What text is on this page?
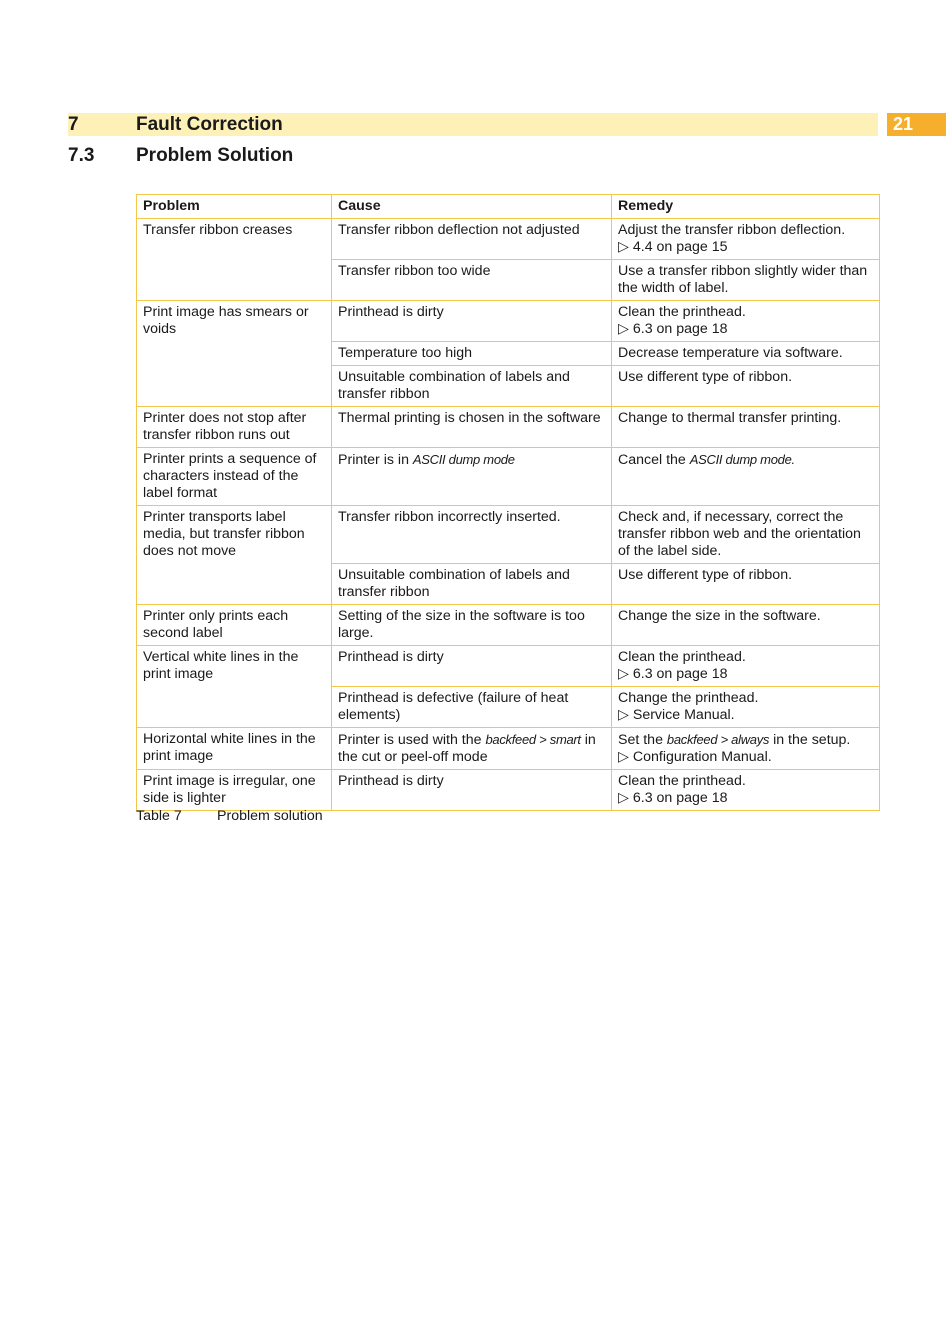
7	Fault Correction	21
7.3 Problem Solution
Problem	Cause	Remedy
Transfer ribbon creases	Transfer ribbon deflection not adjusted	Adjust the transfer ribbon deflection.
▷ 4.4 on page 15

	Transfer ribbon too wide	Use a transfer ribbon slightly wider than the width of label.
Print image has smears or voids	Printhead is dirty	Clean the printhead.
▷ 6.3 on page 18

	Temperature too high	Decrease temperature via software.
	Unsuitable combination of labels and transfer ribbon	Use different type of ribbon.
Printer does not stop after transfer ribbon runs out	Thermal printing is chosen in the software	Change to thermal transfer printing.
Printer prints a sequence of characters instead of the label format	Printer is in ASCII dump mode	Cancel the ASCII dump mode.
Printer transports label media, but transfer ribbon does not move	Transfer ribbon incorrectly inserted.	Check and, if necessary, correct the transfer ribbon web and the orientation of the label side.
	Unsuitable combination of labels and transfer ribbon	Use different type of ribbon.
Printer only prints each second label	Setting of the size in the software is too large.	Change the size in the software.
Vertical white lines in the print image	Printhead is dirty	Clean the printhead.
▷ 6.3 on page 18

	Printhead is defective (failure of heat elements)	Change the printhead.
▷ Service Manual.

Horizontal white lines in the print image	Printer is used with the backfeed > smart in the cut or peel-off mode	Set the backfeed > always in the setup.
▷ Configuration Manual.

Print image is irregular, one side is lighter	Printhead is dirty	Clean the printhead.
▷ 6.3 on page 18
Table 7 Problem solution
